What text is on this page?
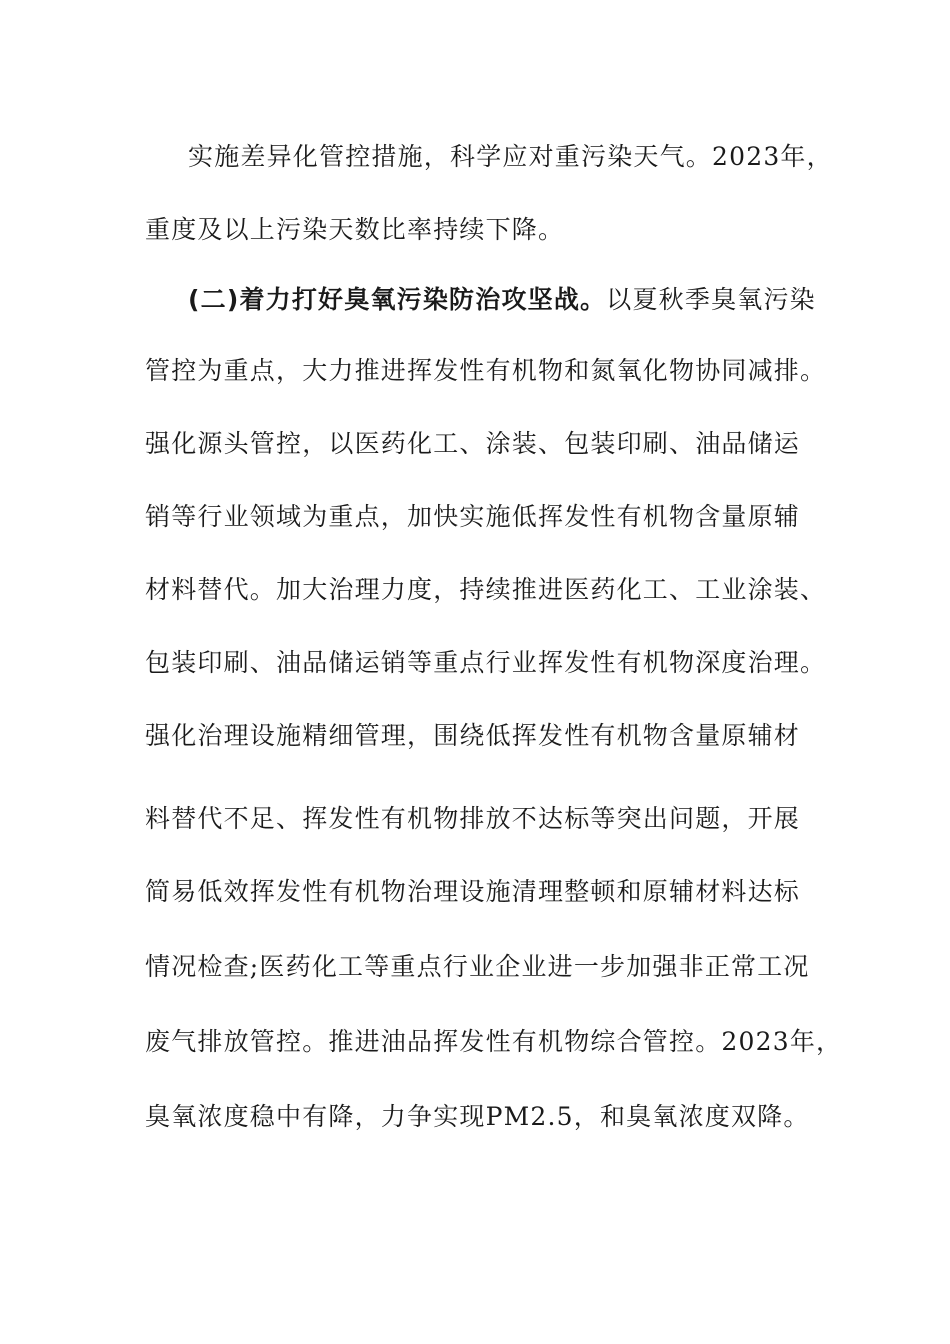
实施差异化管控措施，科学应对重污染天气。2023年，
重度及以上污染天数比率持续下降。
(二)着力打好臭氧污染防治攻坚战。以夏秋季臭氧污染
管控为重点，大力推进挥发性有机物和氮氧化物协同减排。
强化源头管控，以医药化工、涂装、包装印刷、油品储运
销等行业领域为重点，加快实施低挥发性有机物含量原辅
材料替代。加大治理力度，持续推进医药化工、工业涂装、
包装印刷、油品储运销等重点行业挥发性有机物深度治理。
强化治理设施精细管理，围绕低挥发性有机物含量原辅材
料替代不足、挥发性有机物排放不达标等突出问题，开展
简易低效挥发性有机物治理设施清理整顿和原辅材料达标
情况检查;医药化工等重点行业企业进一步加强非正常工况
废气排放管控。推进油品挥发性有机物综合管控。2023年，
臭氧浓度稳中有降，力争实现PM2.5，和臭氧浓度双降。
